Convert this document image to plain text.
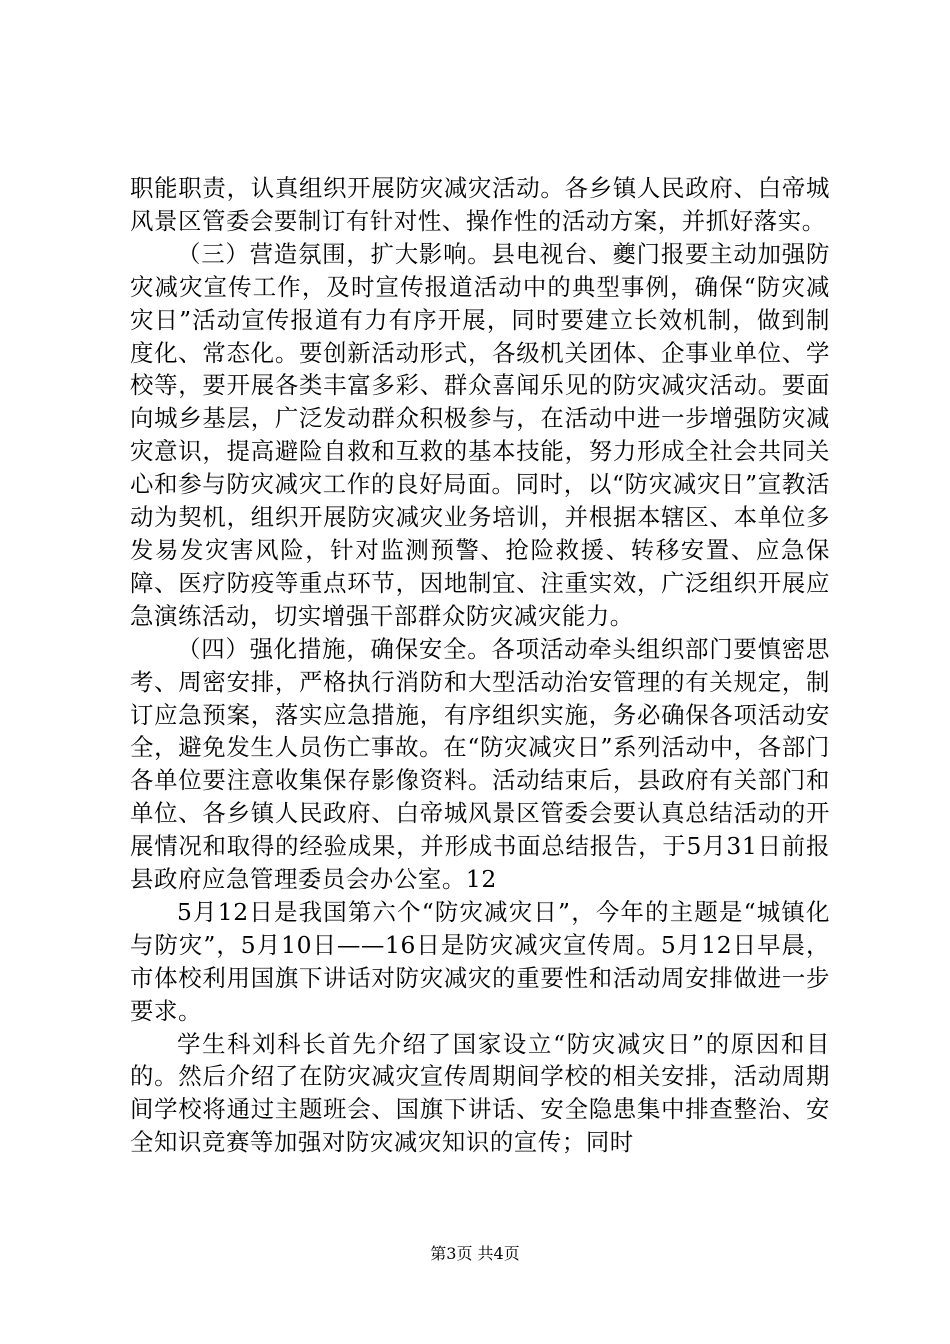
职能职责，认真组织开展防灾减灾活动。各乡镇人民政府、白帝城风景区管委会要制订有针对性、操作性的活动方案，并抓好落实。

（三）营造氛围，扩大影响。县电视台、夔门报要主动加强防灾减灾宣传工作，及时宣传报道活动中的典型事例，确保“防灾减灾日”活动宣传报道有力有序开展，同时要建立长效机制，做到制度化、常态化。要创新活动形式，各级机关团体、企事业单位、学校等，要开展各类丰富多彩、群众喜闻乐见的防灾减灾活动。要面向城乡基层，广泛发动群众积极参与，在活动中进一步增强防灾减灾意识，提高避险自救和互救的基本技能，努力形成全社会共同关心和参与防灾减灾工作的良好局面。同时，以“防灾减灾日”宣教活动为契机，组织开展防灾减灾业务培训，并根据本辖区、本单位多发易发灾害风险，针对监测预警、抢险救援、转移安置、应急保障、医疗防疫等重点环节，因地制宜、注重实效，广泛组织开展应急演练活动，切实增强干部群众防灾减灾能力。

（四）强化措施，确保安全。各项活动牵头组织部门要慎密思考、周密安排，严格执行消防和大型活动治安管理的有关规定，制订应急预案，落实应急措施，有序组织实施，务必确保各项活动安全，避免发生人员伤亡事故。在“防灾减灾日”系列活动中，各部门各单位要注意收集保存影像资料。活动结束后，县政府有关部门和单位、各乡镇人民政府、白帝城风景区管委会要认真总结活动的开展情况和取得的经验成果，并形成书面总结报告，于5月31日前报县政府应急管理委员会办公室。12

5月12日是我国第六个“防灾减灾日”，今年的主题是“城镇化与防灾”，5月10日——16日是防灾减灾宣传周。5月12日早晨，市体校利用国旗下讲话对防灾减灾的重要性和活动周安排做进一步要求。

学生科刘科长首先介绍了国家设立“防灾减灾日”的原因和目的。然后介绍了在防灾减灾宣传周期间学校的相关安排，活动周期间学校将通过主题班会、国旗下讲话、安全隐患集中排查整治、安全知识竞赛等加强对防灾减灾知识的宣传；同时

第3页 共4页
